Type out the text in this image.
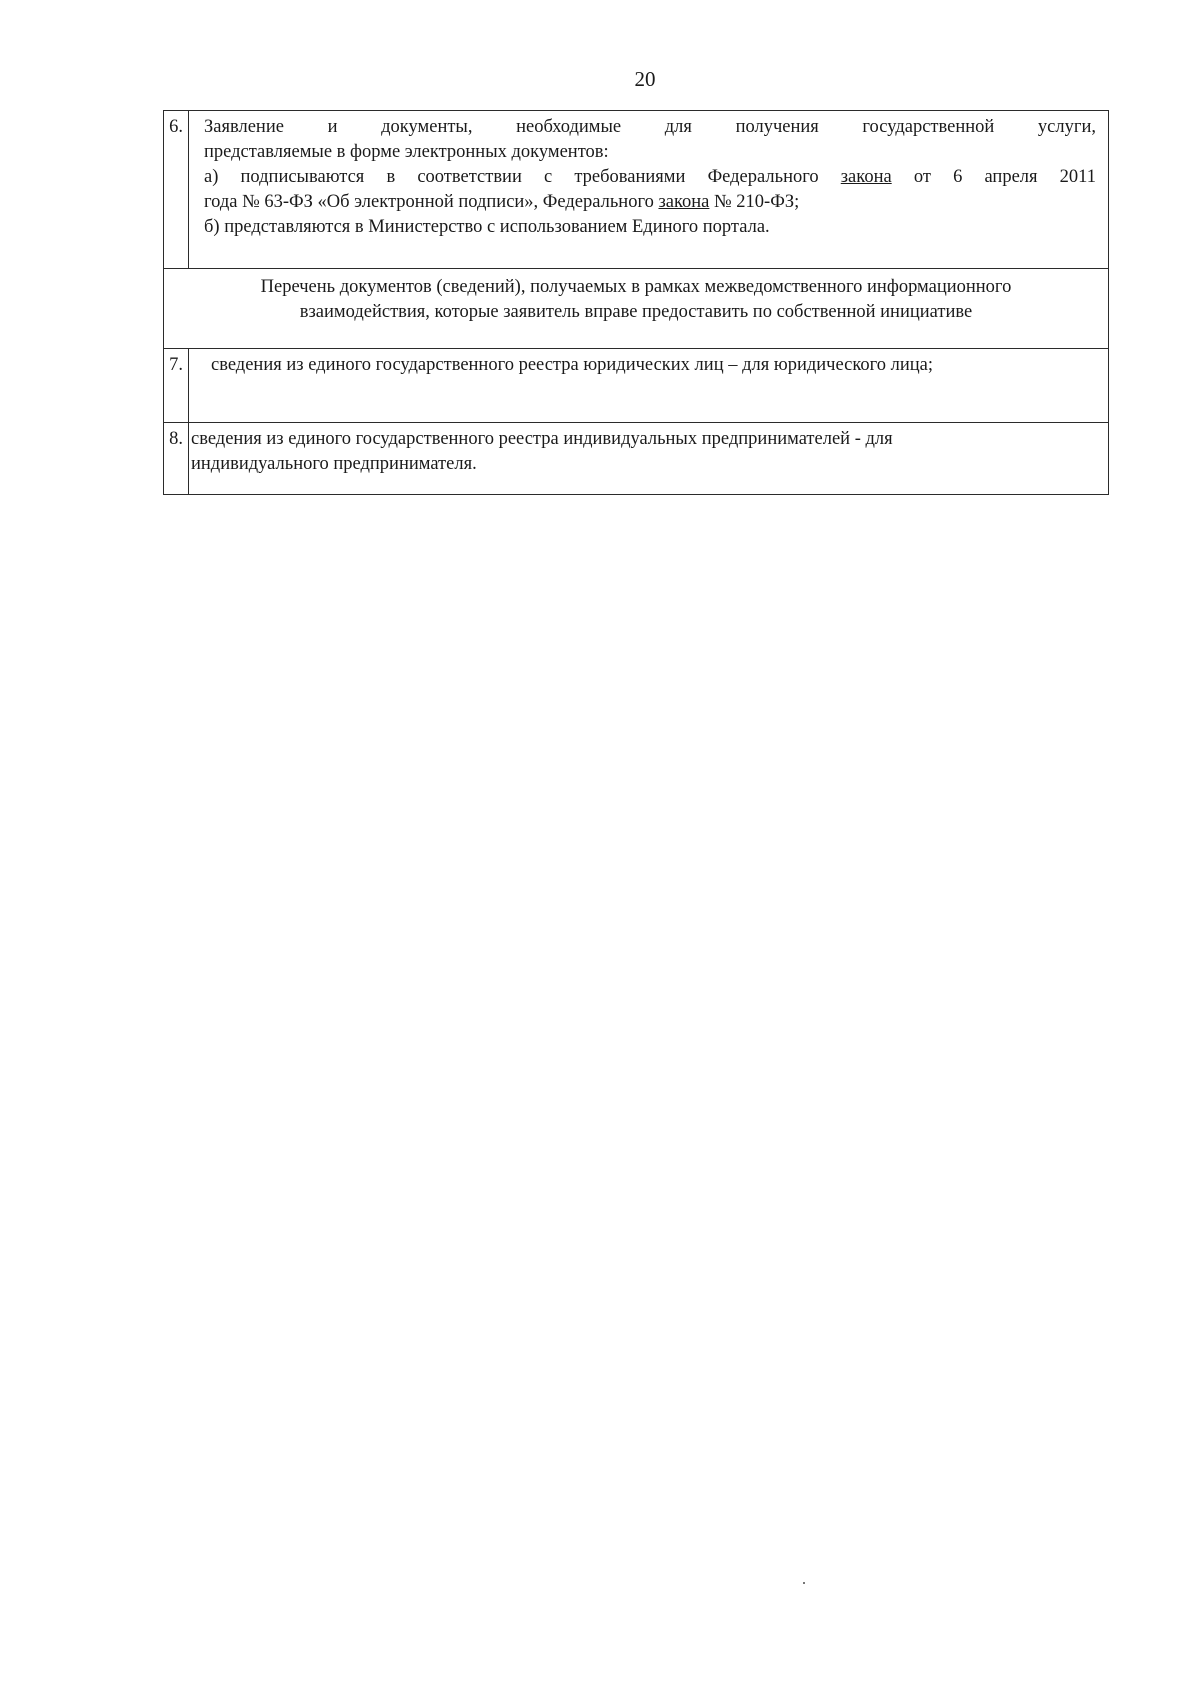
20
6.	Заявление и документы, необходимые для получения государственной услуги,

представляемые в форме электронных документов:

а) подписываются в соответствии с требованиями Федерального закона от 6 апреля 2011

года № 63-ФЗ «Об электронной подписи», Федерального закона № 210-ФЗ;

б) представляются в Министерство с использованием Единого портала.

Перечень документов (сведений), получаемых в рамках межведомственного информационного
взаимодействия, которые заявитель вправе предоставить по собственной инициативе	

7.	сведения из единого государственного реестра юридических лиц – для юридического лица;
8.	сведения из единого государственного реестра индивидуальных предпринимателей - для
индивидуального предпринимателя.
